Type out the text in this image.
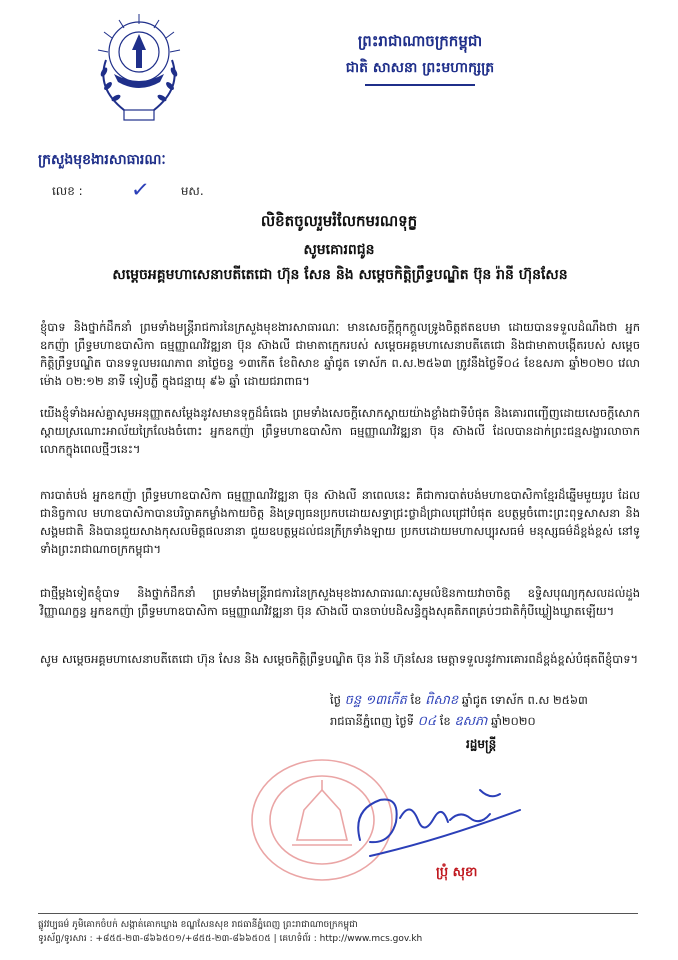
ព្រះរាជាណាចក្រកម្ពុជា
ជាតិ សាសនា ព្រះមហាក្សត្រ
ក្រសួងមុខងារសាធារណៈ
លេខ : ✓	មស.
លិខិតចូលរួមរំលែកមរណទុក្ខ
សូមគោរពជូន
សម្តេចអគ្គមហាសេនាបតីតេជោ ហ៊ុន សែន និង សម្តេចកិត្តិព្រឹទ្ធបណ្ឌិត ប៊ុន រ៉ានី ហ៊ុនសែន
ខ្ញុំបាទ និងថ្នាក់ដឹកនាំ ព្រមទាំងមន្ត្រីរាជការនៃក្រសួងមុខងារសាធារណៈ មានសេចក្តីក្តុកក្តួលទ្រូងចិត្តឥតឧបមា ដោយបានទទួលដំណឹងថា អ្នកឧកញ៉ា ព្រឹទ្ធមហាឧបាសិកា ធម្មញ្ញាណវិវឌ្ឍនា ប៊ុន ស៊ាងលី ជាមាតាក្មេករបស់ សម្តេចអគ្គមហាសេនាបតីតេជោ និងជាមាតាបង្កើតរបស់ សម្តេចកិត្តិព្រឹទ្ធបណ្ឌិត បានទទួលមរណភាព នាថ្ងៃចន្ទ ១៣កើត ខែពិសាខ ឆ្នាំជូត ទោស័ក ព.ស.២៥៦៣ ត្រូវនឹងថ្ងៃទី០៤ ខែឧសភា ឆ្នាំ២០២០ វេលាម៉ោង ០២:១២ នាទី ទៀបភ្លឺ ក្នុងជន្មាយុ ៩៦ ឆ្នាំ ដោយជរាពាធ។
យើងខ្ញុំទាំងអស់គ្នាសូមអនុញ្ញាតសម្តែងនូវសមានទុក្ខដ៏ធំធេង ព្រមទាំងសេចក្តីសោកស្តាយយ៉ាងខ្លាំងជាទីបំផុត និងគោរពញ្ជើញដោយសេចក្តីសោកស្តាយស្រណោះអាល័យក្រៃលែងចំពោះ អ្នកឧកញ៉ា ព្រឹទ្ធមហាឧបាសិកា ធម្មញ្ញាណវិវឌ្ឍនា ប៊ុន ស៊ាងលី ដែលបានដាក់ព្រះជន្មសង្ខារលាចាកលោកក្នុងពេលថ្មីៗនេះ។
ការបាត់បង់ អ្នកឧកញ៉ា ព្រឹទ្ធមហាឧបាសិកា ធម្មញ្ញាណវិវឌ្ឍនា ប៊ុន ស៊ាងលី នាពេលនេះ គឺជាការបាត់បង់មហាឧបាសិកាខ្មែរដ៏ឆ្នើមមួយរូប ដែលជានិច្ចកាល មហាឧបាសិកាបានបរិច្ចាគកម្លាំងកាយចិត្ត និងទ្រព្យធនប្រកបដោយសទ្ធាជ្រះថ្លាដ៏ជ្រាលជ្រៅបំផុត ឧបត្ថម្ភចំពោះព្រះពុទ្ធសាសនា និងសង្គមជាតិ និងបានជួយសាងកុសលមិត្តផលនានា ជួយឧបត្ថម្ភដល់ជនក្រីក្រទាំងឡាយ ប្រកបដោយមហាសប្បុរសធម៌ មនុស្សធម៌ដ៏ខ្ពង់ខ្ពស់ នៅទូទាំងព្រះរាជាណាចក្រកម្ពុជា។
ជាថ្មីម្តងទៀតខ្ញុំបាទ និងថ្នាក់ដឹកនាំ ព្រមទាំងមន្ត្រីរាជការនៃក្រសួងមុខងារសាធារណៈសូមលំឱនកាយវាចាចិត្ត ឧទ្ទិសបុណ្យកុសលដល់ដួងវិញ្ញាណក្ខន្ធ អ្នកឧកញ៉ា ព្រឹទ្ធមហាឧបាសិកា ធម្មញ្ញាណវិវឌ្ឍនា ប៊ុន ស៊ាងលី បានចាប់បដិសន្ធិក្នុងសុគតិភពគ្រប់ៗជាតិកុំបីឃ្លៀងឃ្លាតឡើយ។
សូម សម្តេចអគ្គមហាសេនាបតីតេជោ ហ៊ុន សែន និង សម្តេចកិត្តិព្រឹទ្ធបណ្ឌិត ប៊ុន រ៉ានី ហ៊ុនសែន មេត្តាទទួលនូវការគោរពដ៏ខ្ពង់ខ្ពស់បំផុតពីខ្ញុំបាទ។
ថ្ងៃ ចន្ទ ១៣កើត ខែ ពិសាខ ឆ្នាំជូត ទោស័ក ព.ស ២៥៦៣
រាជធានីភ្នំពេញ ថ្ងៃទី ០៤ ខែ ឧសភា ឆ្នាំ២០២០
រដ្ឋមន្ត្រី
ប្រុំ សុខា
ផ្លូវវប្បធម៌ ភូមិគោកចំបក់ សង្កាត់គោកឃ្លាង ខណ្ឌសែនសុខ រាជធានីភ្នំពេញ ព្រះរាជាណាចក្រកម្ពុជា
ទូរស័ព្ទ/ទូរសារ : +៨៥៥-២៣-៨៦៦៥០១/+៨៥៥-២៣-៨៦៦៥០៥ | គេហទំព័រ : http://www.mcs.gov.kh
